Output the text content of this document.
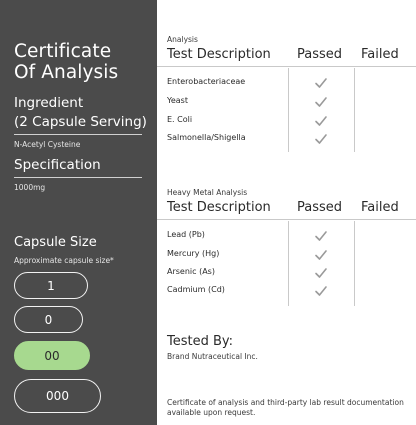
Certificate
Of Analysis
Ingredient
(2 Capsule Serving)
N-Acetyl Cysteine
Specification
1000mg
Capsule Size
Approximate capsule size*
1
0
00
000
Analysis
Test Description Passed Failed
Enterobacteriaceae
Yeast
E. Coli
Salmonella/Shigella
Heavy Metal Analysis
Test Description Passed Failed
Lead (Pb)
Mercury (Hg)
Arsenic (As)
Cadmium (Cd)
Tested By:
Brand Nutraceutical Inc.
Certificate of analysis and third-party lab result documentation available upon request.
